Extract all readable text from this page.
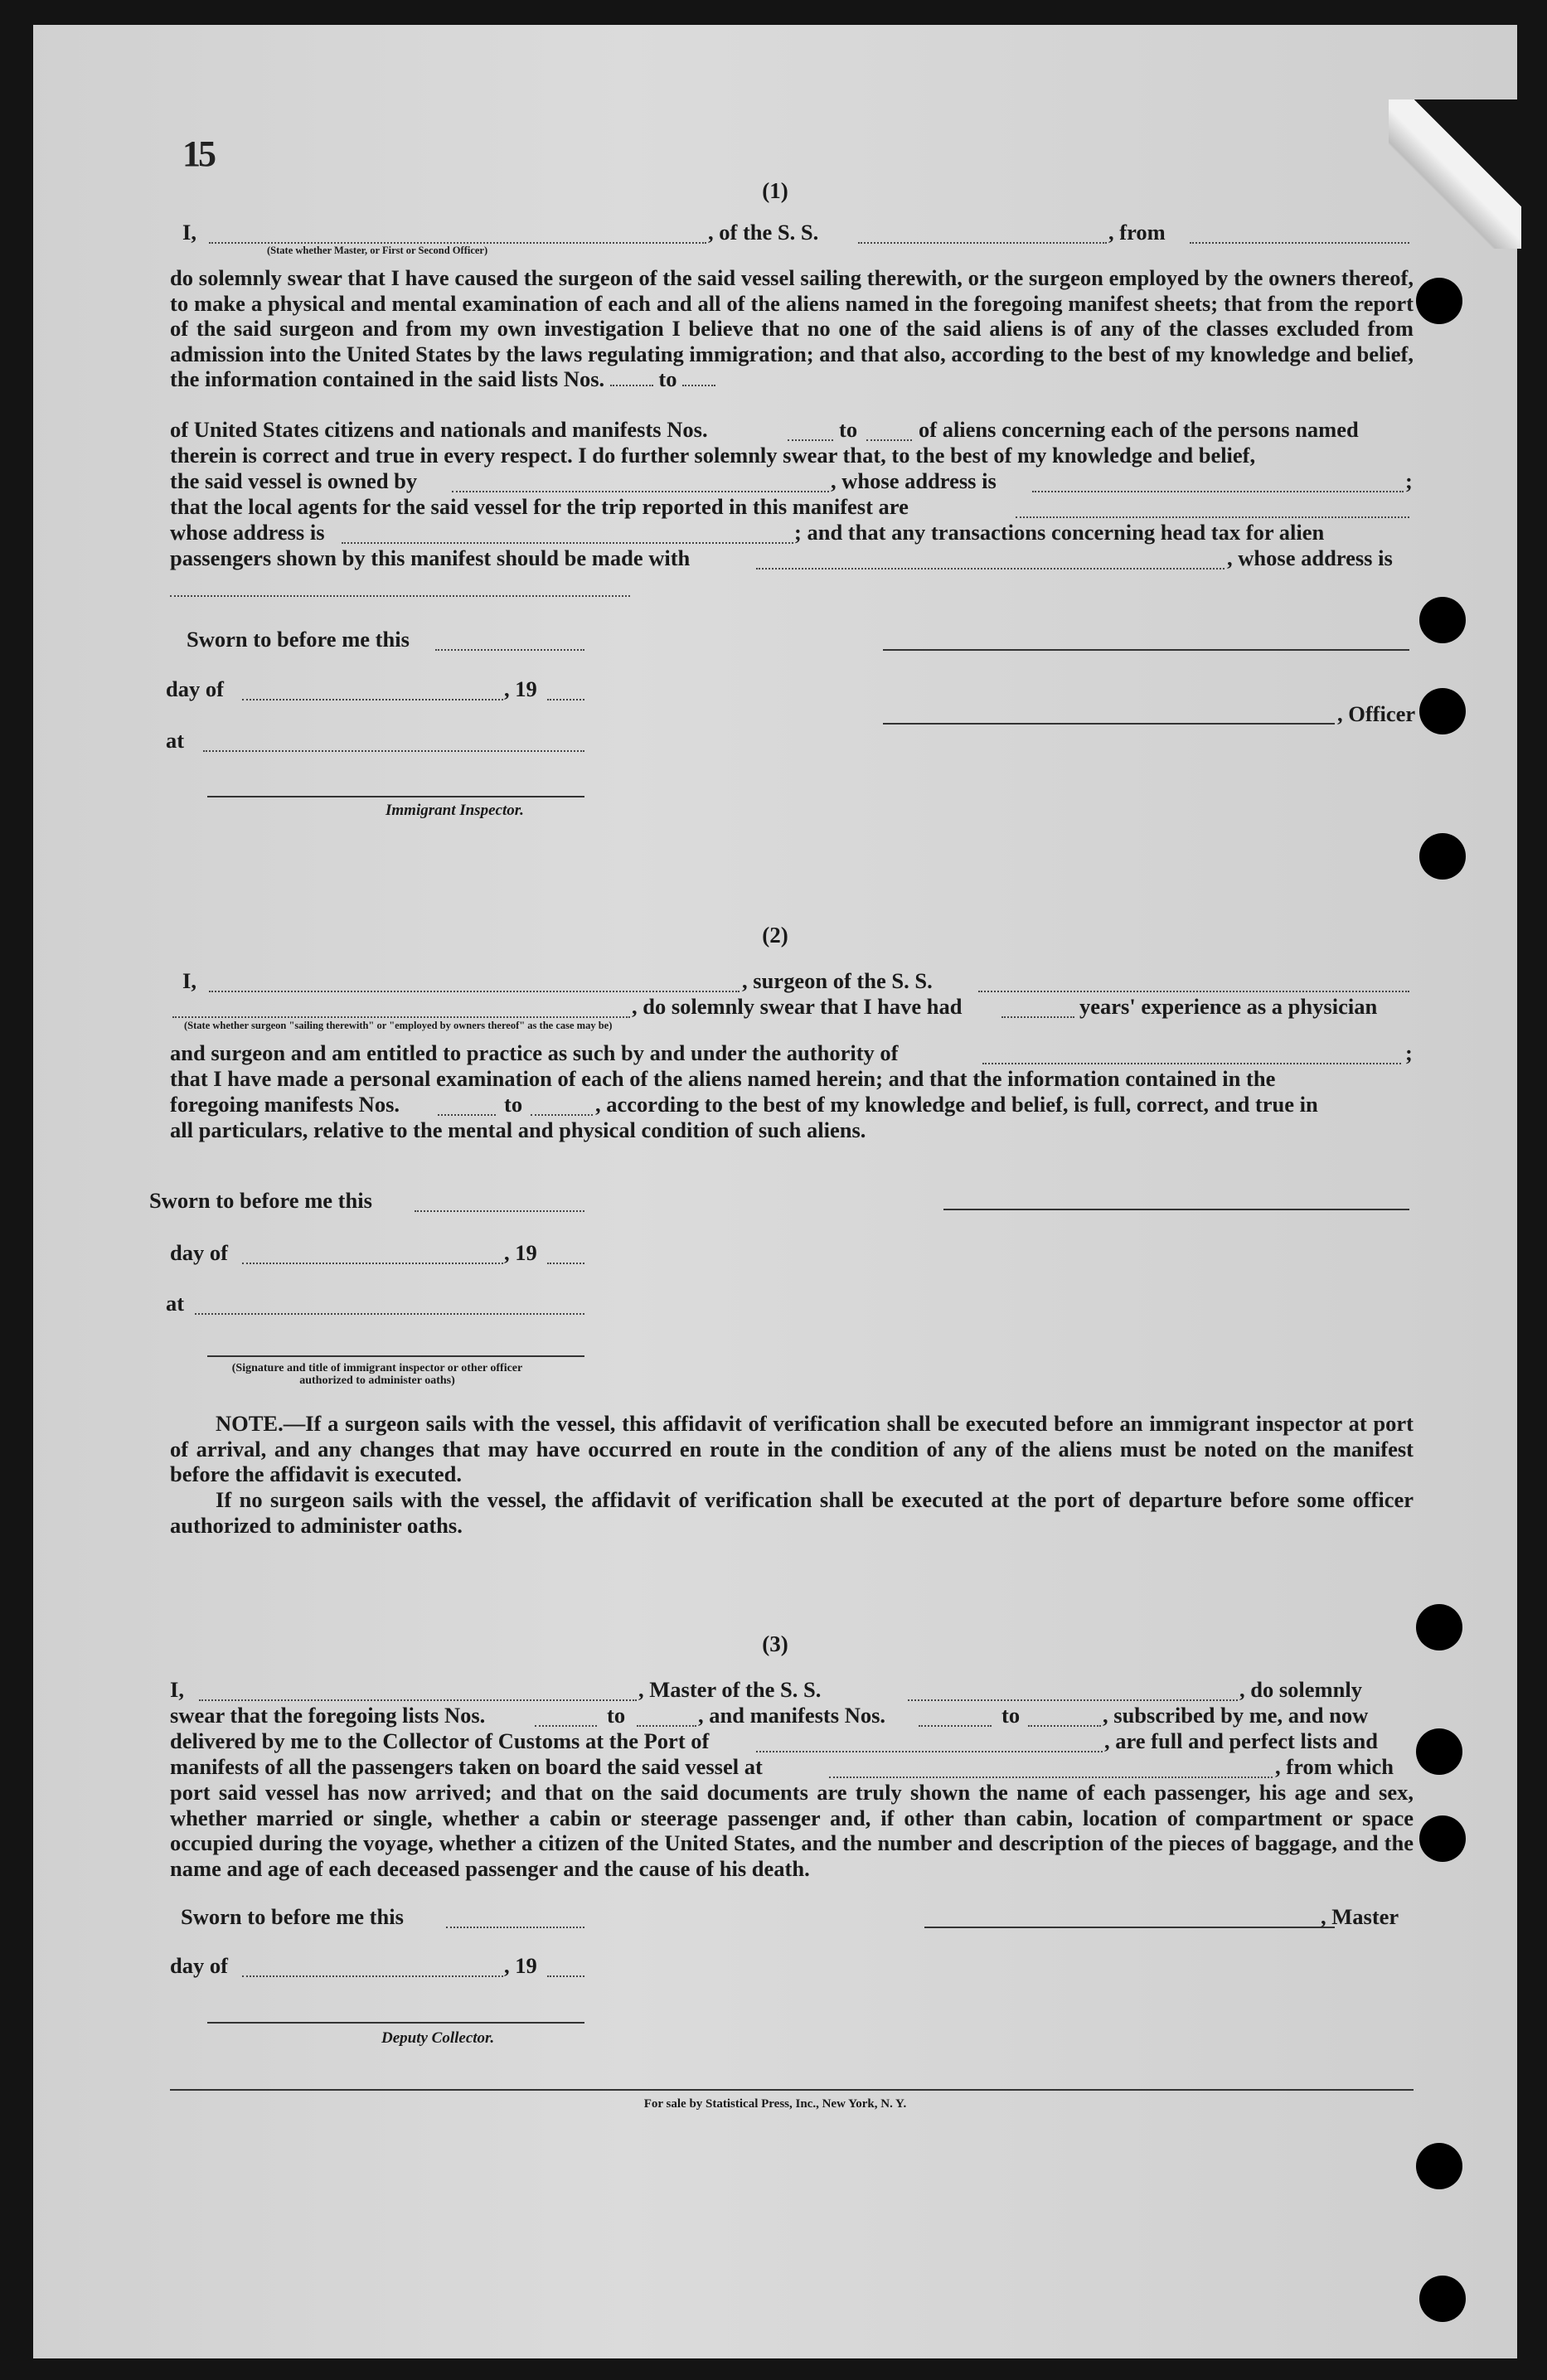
15
(1)
I,	, of the S. S.	, from
(State whether Master, or First or Second Officer)
do solemnly swear that I have caused the surgeon of the said vessel sailing therewith, or the surgeon employed by the owners thereof, to make a physical and mental examination of each and all of the aliens named in the foregoing manifest sheets; that from the report of the said surgeon and from my own investigation I believe that no one of the said aliens is of any of the classes excluded from admission into the United States by the laws regulating immigration; and that also, according to the best of my knowledge and belief, the information contained in the said lists Nos. to
of United States citizens and nationals and manifests Nos.	to	of aliens concerning each of the persons named
therein is correct and true in every respect. I do further solemnly swear that, to the best of my knowledge and belief,
the said vessel is owned by	, whose address is	;
that the local agents for the said vessel for the trip reported in this manifest are
whose address is	; and that any transactions concerning head tax for alien
passengers shown by this manifest should be made with	, whose address is
Sworn to before me this
day of	, 19
, Officer
at
Immigrant Inspector.
(2)
I,	, surgeon of the S. S.
, do solemnly swear that I have had	years' experience as a physician
(State whether surgeon "sailing therewith" or "employed by owners thereof" as the case may be)
and surgeon and am entitled to practice as such by and under the authority of	;
that I have made a personal examination of each of the aliens named herein; and that the information contained in the
foregoing manifests Nos.	to	, according to the best of my knowledge and belief, is full, correct, and true in
all particulars, relative to the mental and physical condition of such aliens.
Sworn to before me this
day of	, 19
at
(Signature and title of immigrant inspector or other officer authorized to administer oaths)
NOTE.—If a surgeon sails with the vessel, this affidavit of verification shall be executed before an immigrant inspector at port of arrival, and any changes that may have occurred en route in the condition of any of the aliens must be noted on the manifest before the affidavit is executed.
If no surgeon sails with the vessel, the affidavit of verification shall be executed at the port of departure before some officer authorized to administer oaths.
(3)
I,	, Master of the S. S.	, do solemnly
swear that the foregoing lists Nos.	to	, and manifests Nos.	to	, subscribed by me, and now
delivered by me to the Collector of Customs at the Port of	, are full and perfect lists and
manifests of all the passengers taken on board the said vessel at	, from which
port said vessel has now arrived; and that on the said documents are truly shown the name of each passenger, his age and sex, whether married or single, whether a cabin or steerage passenger and, if other than cabin, location of compartment or space occupied during the voyage, whether a citizen of the United States, and the number and description of the pieces of baggage, and the name and age of each deceased passenger and the cause of his death.
Sworn to before me this	, Master
day of	, 19
Deputy Collector.
For sale by Statistical Press, Inc., New York, N. Y.
